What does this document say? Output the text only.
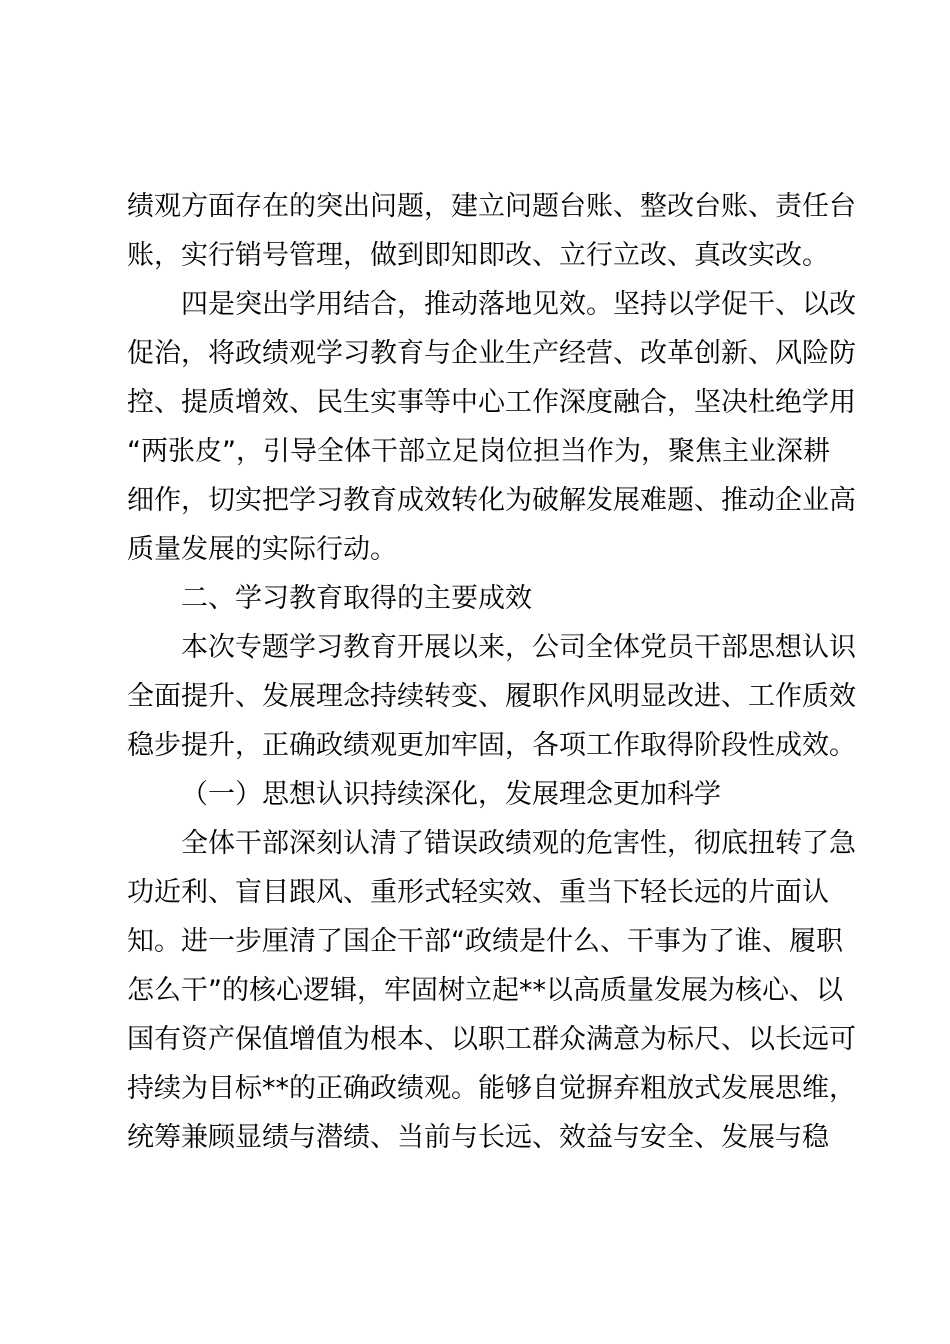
绩观方面存在的突出问题，建立问题台账、整改台账、责任台
账，实行销号管理，做到即知即改、立行立改、真改实改。
四是突出学用结合，推动落地见效。坚持以学促干、以改
促治，将政绩观学习教育与企业生产经营、改革创新、风险防
控、提质增效、民生实事等中心工作深度融合，坚决杜绝学用
“两张皮”，引导全体干部立足岗位担当作为，聚焦主业深耕
细作，切实把学习教育成效转化为破解发展难题、推动企业高
质量发展的实际行动。
二、学习教育取得的主要成效
本次专题学习教育开展以来，公司全体党员干部思想认识
全面提升、发展理念持续转变、履职作风明显改进、工作质效
稳步提升，正确政绩观更加牢固，各项工作取得阶段性成效。
（一）思想认识持续深化，发展理念更加科学
全体干部深刻认清了错误政绩观的危害性，彻底扭转了急
功近利、盲目跟风、重形式轻实效、重当下轻长远的片面认
知。进一步厘清了国企干部“政绩是什么、干事为了谁、履职
怎么干”的核心逻辑，牢固树立起**以高质量发展为核心、以
国有资产保值增值为根本、以职工群众满意为标尺、以长远可
持续为目标**的正确政绩观。能够自觉摒弃粗放式发展思维，
统筹兼顾显绩与潜绩、当前与长远、效益与安全、发展与稳
